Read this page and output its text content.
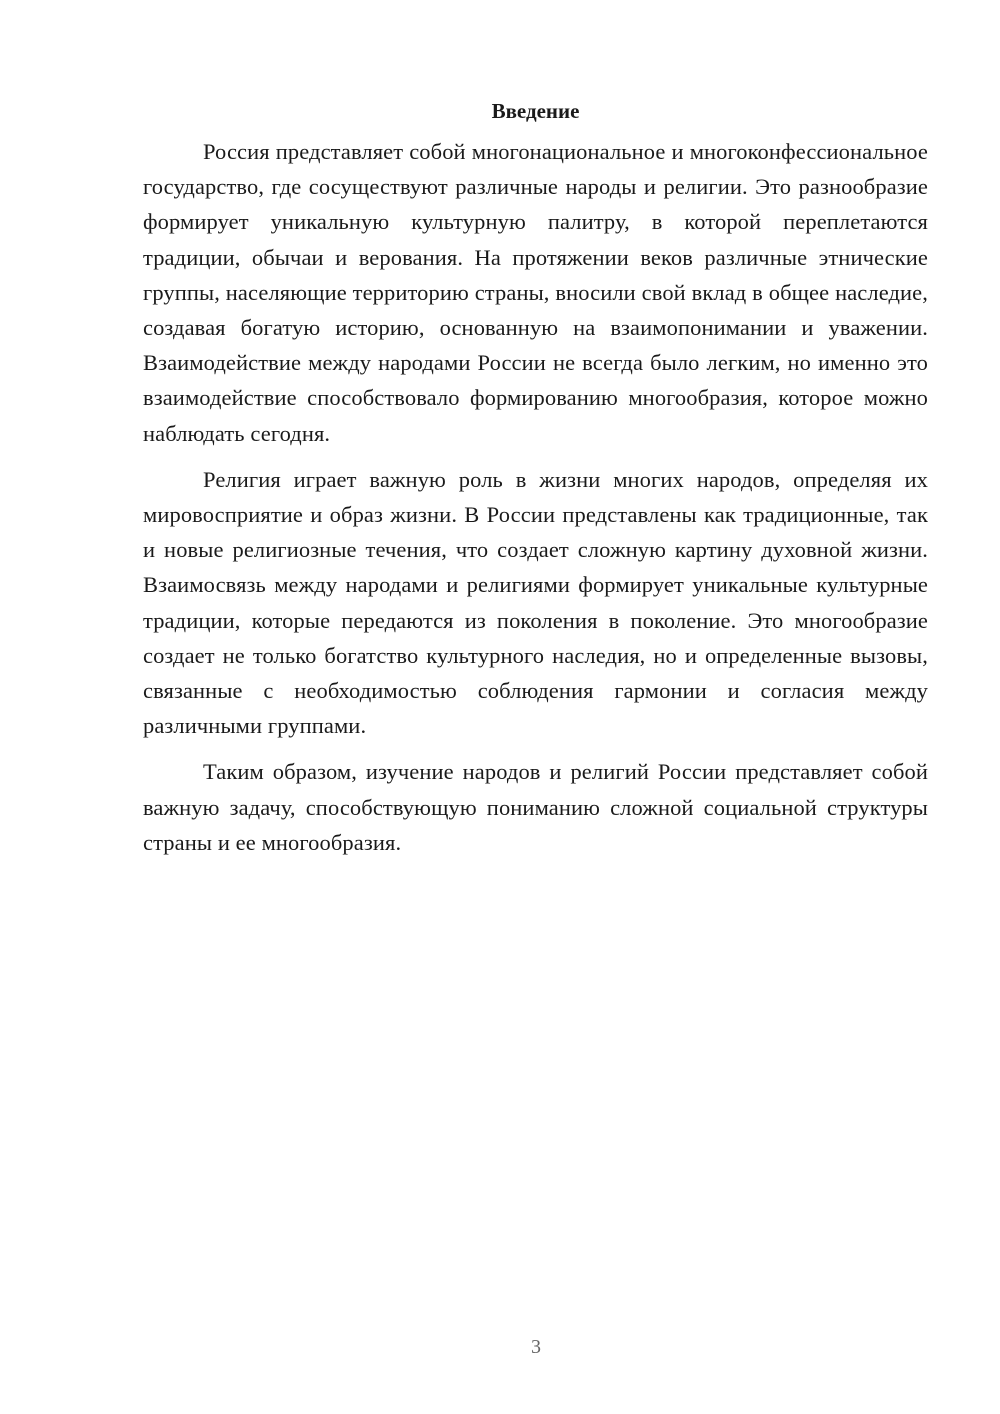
Введение

Россия представляет собой многонациональное и многоконфессиональное государство, где сосуществуют различные народы и религии. Это разнообразие формирует уникальную культурную палитру, в которой переплетаются традиции, обычаи и верования. На протяжении веков различные этнические группы, населяющие территорию страны, вносили свой вклад в общее наследие, создавая богатую историю, основанную на взаимопонимании и уважении. Взаимодействие между народами России не всегда было легким, но именно это взаимодействие способствовало формированию многообразия, которое можно наблюдать сегодня.

Религия играет важную роль в жизни многих народов, определяя их мировосприятие и образ жизни. В России представлены как традиционные, так и новые религиозные течения, что создает сложную картину духовной жизни. Взаимосвязь между народами и религиями формирует уникальные культурные традиции, которые передаются из поколения в поколение. Это многообразие создает не только богатство культурного наследия, но и определенные вызовы, связанные с необходимостью соблюдения гармонии и согласия между различными группами.

Таким образом, изучение народов и религий России представляет собой важную задачу, способствующую пониманию сложной социальной структуры страны и ее многообразия.

3
